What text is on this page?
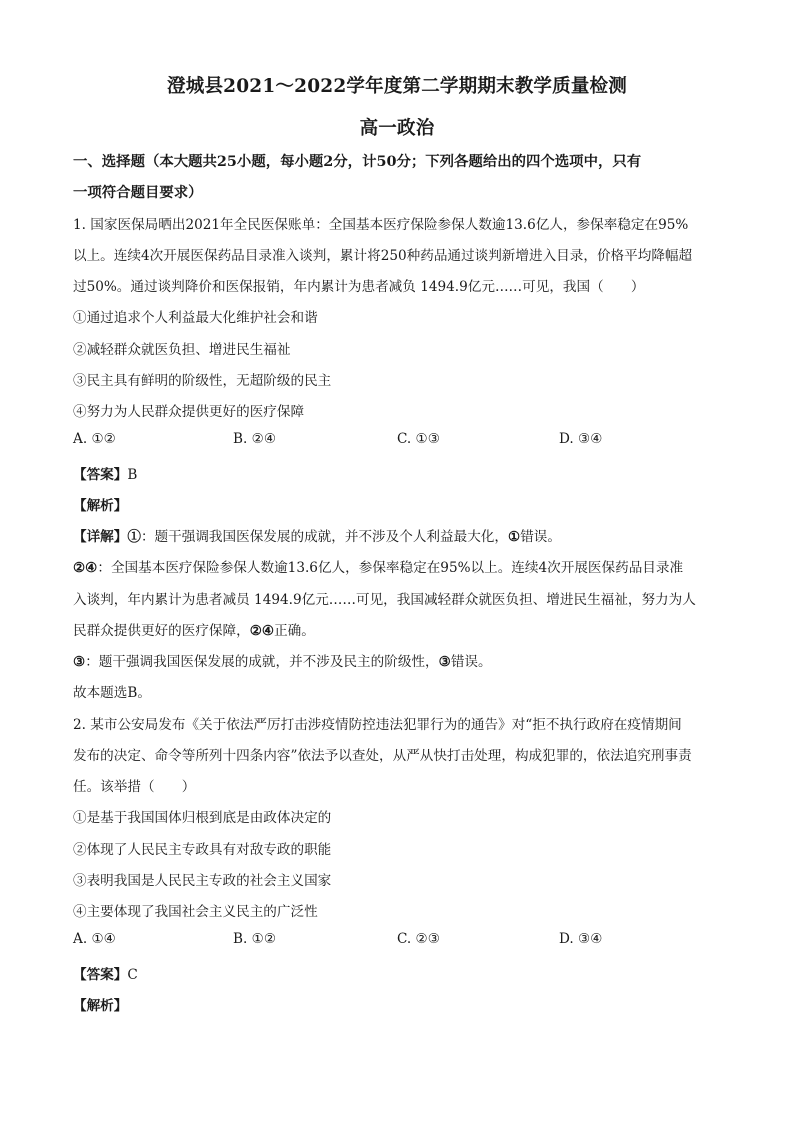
澄城县2021～2022学年度第二学期期末教学质量检测
高一政治
一、选择题（本大题共25小题，每小题2分，计50分；下列各题给出的四个选项中，只有
一项符合题目要求）
1. 国家医保局晒出2021年全民医保账单：全国基本医疗保险参保人数逾13.6亿人，参保率稳定在95%
以上。连续4次开展医保药品目录准入谈判，累计将250种药品通过谈判新增进入目录，价格平均降幅超
过50%。通过谈判降价和医保报销，年内累计为患者减负 1494.9亿元……可见，我国（　　）
①通过追求个人利益最大化维护社会和谐
②减轻群众就医负担、增进民生福祉
③民主具有鲜明的阶级性，无超阶级的民主
④努力为人民群众提供更好的医疗保障
A. ①②	B. ②④	C. ①③	D. ③④
【答案】B
【解析】
【详解】①：题干强调我国医保发展的成就，并不涉及个人利益最大化，①错误。
②④：全国基本医疗保险参保人数逾13.6亿人，参保率稳定在95%以上。连续4次开展医保药品目录准
入谈判，年内累计为患者减员 1494.9亿元……可见，我国减轻群众就医负担、增进民生福祉，努力为人
民群众提供更好的医疗保障，②④正确。
③：题干强调我国医保发展的成就，并不涉及民主的阶级性，③错误。
故本题选B。
2. 某市公安局发布《关于依法严厉打击涉疫情防控违法犯罪行为的通告》对“拒不执行政府在疫情期间
发布的决定、命令等所列十四条内容”依法予以查处，从严从快打击处理，构成犯罪的，依法追究刑事责
任。该举措（　　）
①是基于我国国体归根到底是由政体决定的
②体现了人民民主专政具有对敌专政的职能
③表明我国是人民民主专政的社会主义国家
④主要体现了我国社会主义民主的广泛性
A. ①④	B. ①②	C. ②③	D. ③④
【答案】C
【解析】
